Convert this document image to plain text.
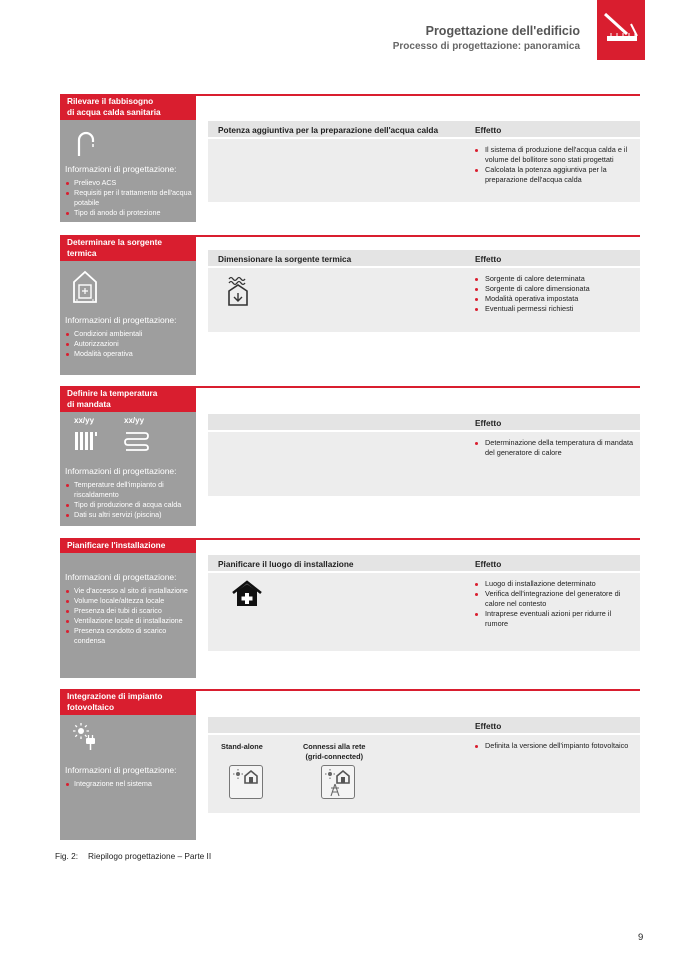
Progettazione dell'edificio
Processo di progettazione: panoramica
Rilevare il fabbisogno
di acqua calda sanitaria
Informazioni di progettazione:
Prelievo ACS
Requisiti per il trattamento dell'acqua potabile
Tipo di anodo di protezione
Potenza aggiuntiva per la preparazione dell'acqua calda	Effetto
Il sistema di produzione dell'acqua calda e il volume del bollitore sono stati progettati
Calcolata la potenza aggiuntiva per la preparazione dell'acqua calda
Determinare la sorgente
termica
Informazioni di progettazione:
Condizioni ambientali
Autorizzazioni
Modalità operativa
Dimensionare la sorgente termica	Effetto
Sorgente di calore determinata
Sorgente di calore dimensionata
Modalità operativa impostata
Eventuali permessi richiesti
Definire la temperatura
di mandata
xx/yy	xx/yy
Informazioni di progettazione:
Temperature dell'impianto di riscaldamento
Tipo di produzione di acqua calda
Dati su altri servizi (piscina)
Effetto
Determinazione della temperatura di mandata del generatore di calore
Pianificare l'installazione
Informazioni di progettazione:
Vie d'accesso al sito di installazione
Volume locale/altezza locale
Presenza dei tubi di scarico
Ventilazione locale di installazione
Presenza condotto di scarico condensa
Pianificare il luogo di installazione	Effetto
Luogo di installazione determinato
Verifica dell'integrazione del generatore di calore nel contesto
Intraprese eventuali azioni per ridurre il rumore
Integrazione di impianto
fotovoltaico
Informazioni di progettazione:
Integrazione nel sistema
Effetto
Stand-alone	Connessi alla rete
(grid-connected)
Definita la versione dell'impianto fotovoltaico
Fig. 2: Riepilogo progettazione – Parte II
9
